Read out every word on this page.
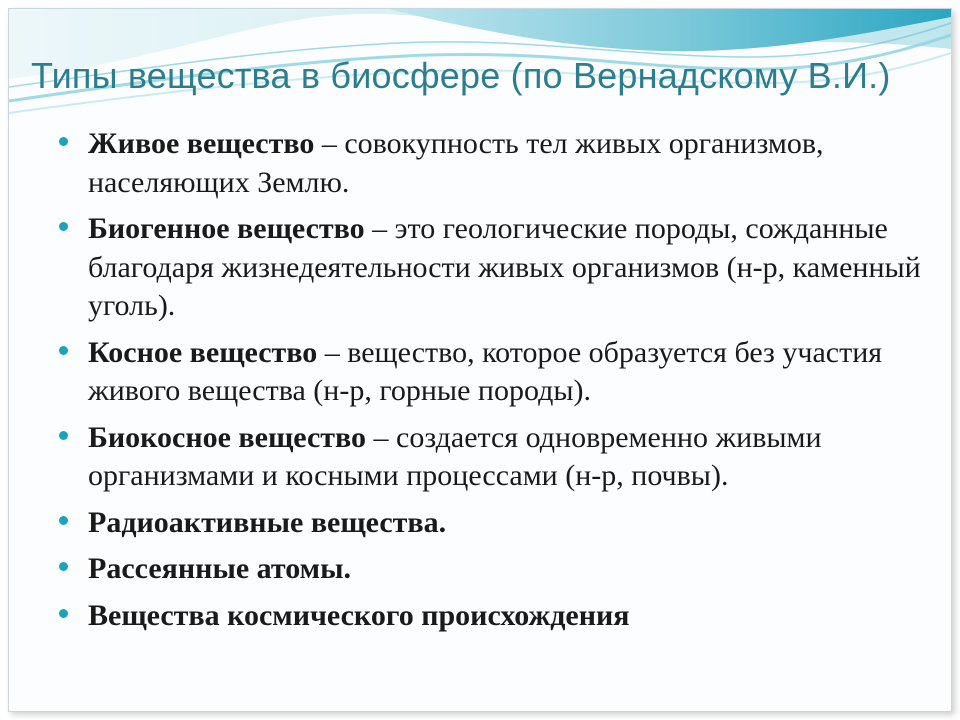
Типы вещества в биосфере (по Вернадскому В.И.)
Живое вещество – совокупность тел живых организмов, населяющих Землю.
Биогенное вещество – это геологические породы, сожданные благодаря жизнедеятельности живых организмов (н-р, каменный уголь).
Косное вещество – вещество, которое образуется без участия живого вещества (н-р, горные породы).
Биокосное вещество – создается одновременно живыми организмами и косными процессами (н-р, почвы).
Радиоактивные вещества.
Рассеянные атомы.
Вещества космического происхождения
